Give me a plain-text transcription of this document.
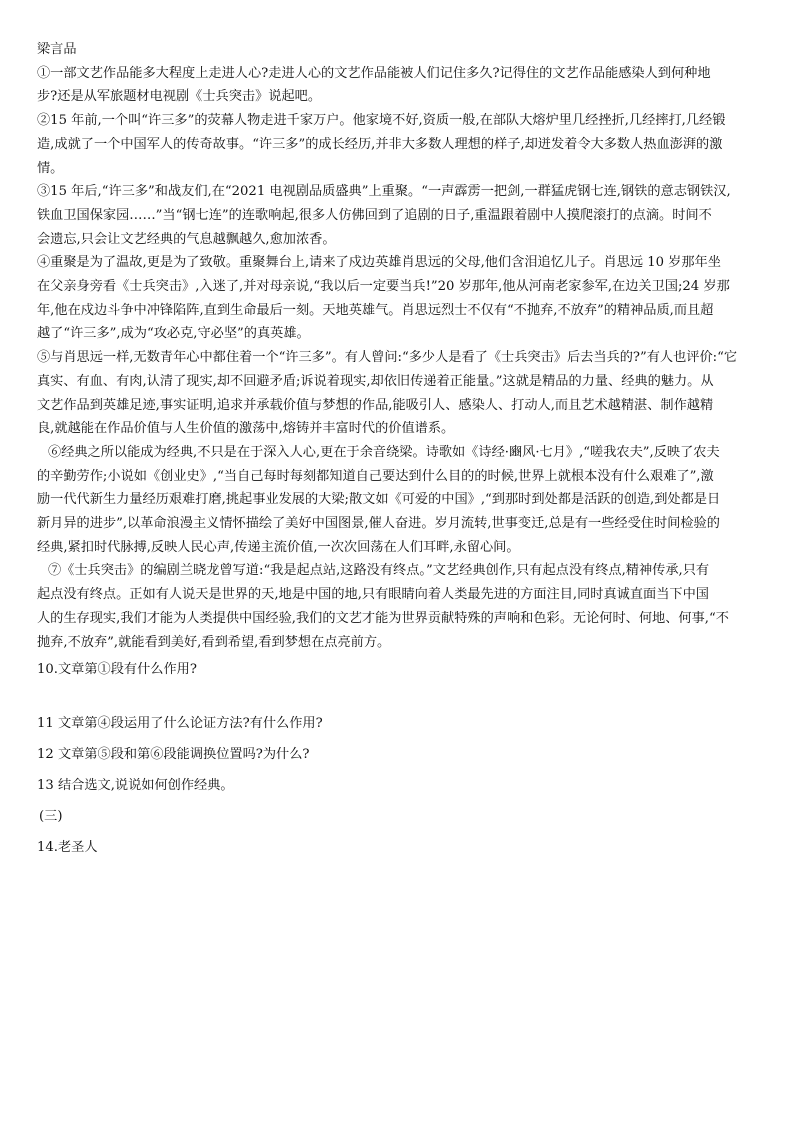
梁言品
①一部文艺作品能多大程度上走进人心?走进人心的文艺作品能被人们记住多久?记得住的文艺作品能感染人到何种地
步?还是从军旅题材电视剧《士兵突击》说起吧。
②15 年前,一个叫“许三多”的荧幕人物走进千家万户。他家境不好,资质一般,在部队大熔炉里几经挫折,几经摔打,几经锻
造,成就了一个中国军人的传奇故事。“许三多”的成长经历,并非大多数人理想的样子,却迸发着令大多数人热血澎湃的激
情。
③15 年后,“许三多”和战友们,在“2021 电视剧品质盛典”上重聚。“一声霹雳一把剑,一群猛虎钢七连,钢铁的意志钢铁汉,
铁血卫国保家园……”当“钢七连”的连歌响起,很多人仿佛回到了追剧的日子,重温跟着剧中人摸爬滚打的点滴。时间不
会遗忘,只会让文艺经典的气息越飘越久,愈加浓香。
④重聚是为了温故,更是为了致敬。重聚舞台上,请来了戍边英雄肖思远的父母,他们含泪追忆儿子。肖思远 10 岁那年坐
在父亲身旁看《士兵突击》,入迷了,并对母亲说,“我以后一定要当兵!”20 岁那年,他从河南老家参军,在边关卫国;24 岁那
年,他在戍边斗争中冲锋陷阵,直到生命最后一刻。天地英雄气。肖思远烈士不仅有“不抛弃,不放弃”的精神品质,而且超
越了“许三多”,成为“攻必克,守必坚”的真英雄。
⑤与肖思远一样,无数青年心中都住着一个“许三多”。有人曾问:“多少人是看了《士兵突击》后去当兵的?”有人也评价:“它
真实、有血、有肉,认清了现实,却不回避矛盾;诉说着现实,却依旧传递着正能量。”这就是精品的力量、经典的魅力。从
文艺作品到英雄足迹,事实证明,追求并承载价值与梦想的作品,能吸引人、感染人、打动人,而且艺术越精湛、制作越精
良,就越能在作品价值与人生价值的激荡中,熔铸并丰富时代的价值谱系。
⑥经典之所以能成为经典,不只是在于深入人心,更在于余音绕梁。诗歌如《诗经·豳风·七月》,“嗟我农夫”,反映了农夫
的辛勤劳作;小说如《创业史》,“当自己每时每刻都知道自己要达到什么目的的时候,世界上就根本没有什么艰难了”,激
励一代代新生力量经历艰难打磨,挑起事业发展的大梁;散文如《可爱的中国》,“到那时到处都是活跃的创造,到处都是日
新月异的进步”,以革命浪漫主义情怀描绘了美好中国图景,催人奋进。岁月流转,世事变迁,总是有一些经受住时间检验的
经典,紧扣时代脉搏,反映人民心声,传递主流价值,一次次回荡在人们耳畔,永留心间。
⑦《士兵突击》的编剧兰晓龙曾写道:“我是起点站,这路没有终点。”文艺经典创作,只有起点没有终点,精神传承,只有
起点没有终点。正如有人说天是世界的天,地是中国的地,只有眼睛向着人类最先进的方面注目,同时真诚直面当下中国
人的生存现实,我们才能为人类提供中国经验,我们的文艺才能为世界贡献特殊的声响和色彩。无论何时、何地、何事,“不
抛弃,不放弃”,就能看到美好,看到希望,看到梦想在点亮前方。
10.文章第①段有什么作用?
11 文章第④段运用了什么论证方法?有什么作用?
12 文章第⑤段和第⑥段能调换位置吗?为什么?
13 结合选文,说说如何创作经典。
(三)
14.老圣人
